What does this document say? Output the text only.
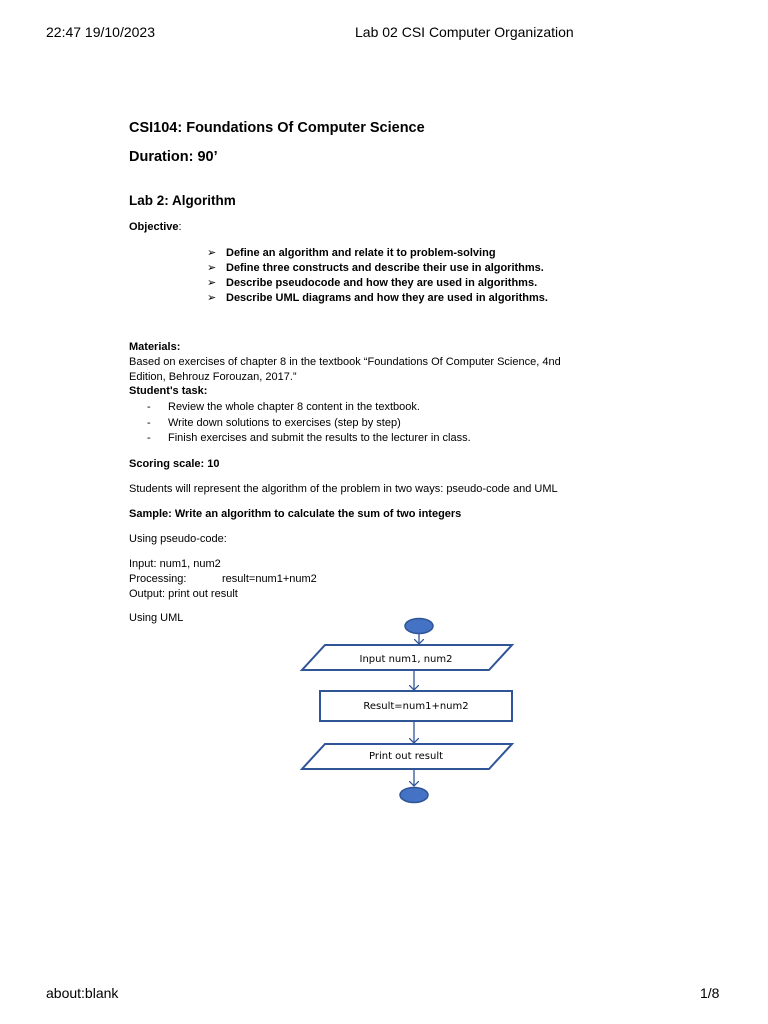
22:47 19/10/2023	Lab 02 CSI Computer Organization
CSI104: Foundations Of Computer Science
Duration: 90’
Lab 2: Algorithm
Objective:
➢ Define an algorithm and relate it to problem-solving
➢ Define three constructs and describe their use in algorithms.
➢ Describe pseudocode and how they are used in algorithms.
➢ Describe UML diagrams and how they are used in algorithms.
Materials:
Based on exercises of chapter 8 in the textbook “Foundations Of Computer Science, 4nd
Edition, Behrouz Forouzan, 2017.”
Student's task:
- Review the whole chapter 8 content in the textbook.
- Write down solutions to exercises (step by step)
- Finish exercises and submit the results to the lecturer in class.
Scoring scale: 10
Students will represent the algorithm of the problem in two ways: pseudo-code and UML
Sample: Write an algorithm to calculate the sum of two integers
Using pseudo-code:
Input: num1, num2
Processing:	result=num1+num2
Output: print out result
Using UML
Input num1, num2
Result=num1+num2
Print out result
about:blank	1/8
